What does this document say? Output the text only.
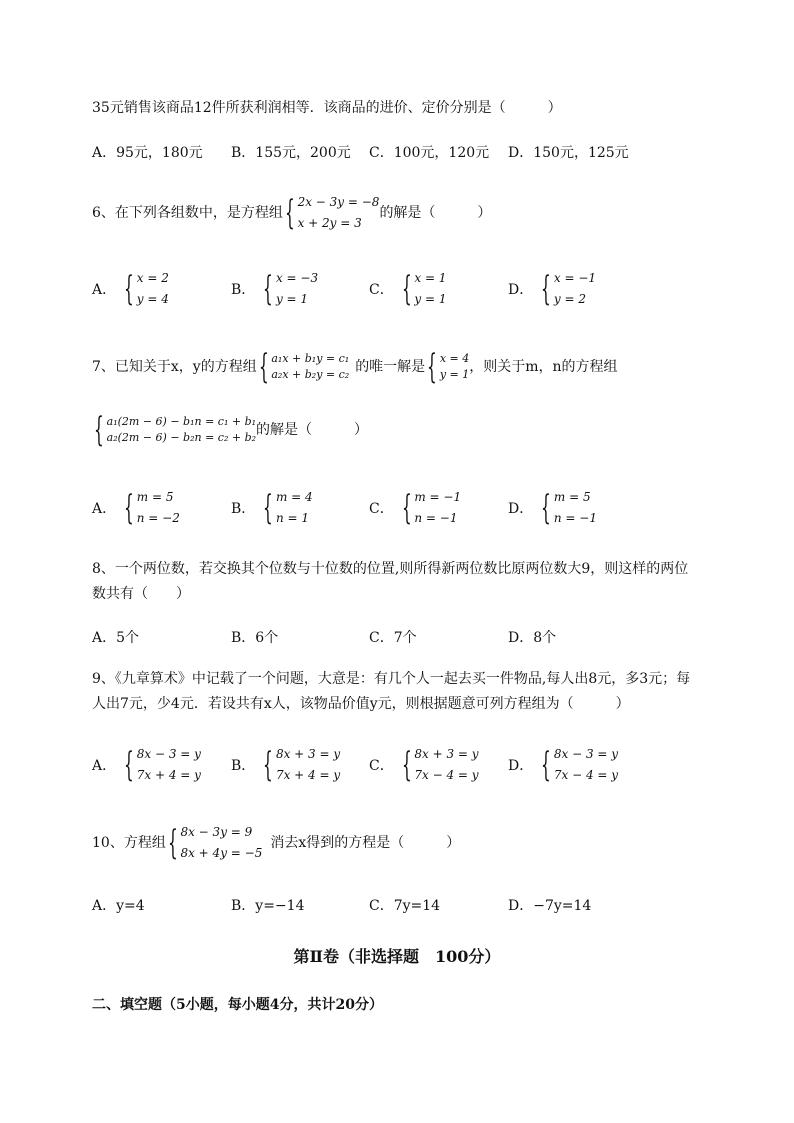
35元销售该商品12件所获利润相等．该商品的进价、定价分别是（　　　）
A．95元，180元 B．155元，200元 C．100元，120元 D．150元，125元
6、在下列各组数中，是方程组 { 2x − 3y = −8
x + 2y = 3
的解是（　　　）
A． { x = 2
y = 4
B． { x = −3
y = 1
C． { x = 1
y = 1
D． { x = −1
y = 2
7、已知关于x，y的方程组 { a₁x + b₁y = c₁
a₂x + b₂y = c₂ 的唯一解是 { x = 4
y = 1 ，则关于m，n的方程组
{ a₁(2m − 6) − b₁n = c₁ + b₁
a₂(2m − 6) − b₂n = c₂ + b₂ 的解是（　　　）
A． { m = 5
n = −2
B． { m = 4
n = 1
C． { m = −1
n = −1
D． { m = 5
n = −1
8、一个两位数，若交换其个位数与十位数的位置,则所得新两位数比原两位数大9，则这样的两位
数共有（　　）
A．5个	B．6个	C．7个	D．8个
9、《九章算术》中记载了一个问题，大意是：有几个人一起去买一件物品,每人出8元，多3元；每
人出7元，少4元．若设共有x人，该物品价值y元，则根据题意可列方程组为（　　　）
A． { 8x − 3 = y
7x + 4 = y
B． { 8x + 3 = y
7x + 4 = y
C． { 8x + 3 = y
7x − 4 = y
D． { 8x − 3 = y
7x − 4 = y
10、方程组 { 8x − 3y = 9
8x + 4y = −5
消去x得到的方程是（　　　）
A．y=4	B．y=−14	C．7y=14	D．−7y=14
第Ⅱ卷（非选择题　100分）
二、填空题（5小题，每小题4分，共计20分）
